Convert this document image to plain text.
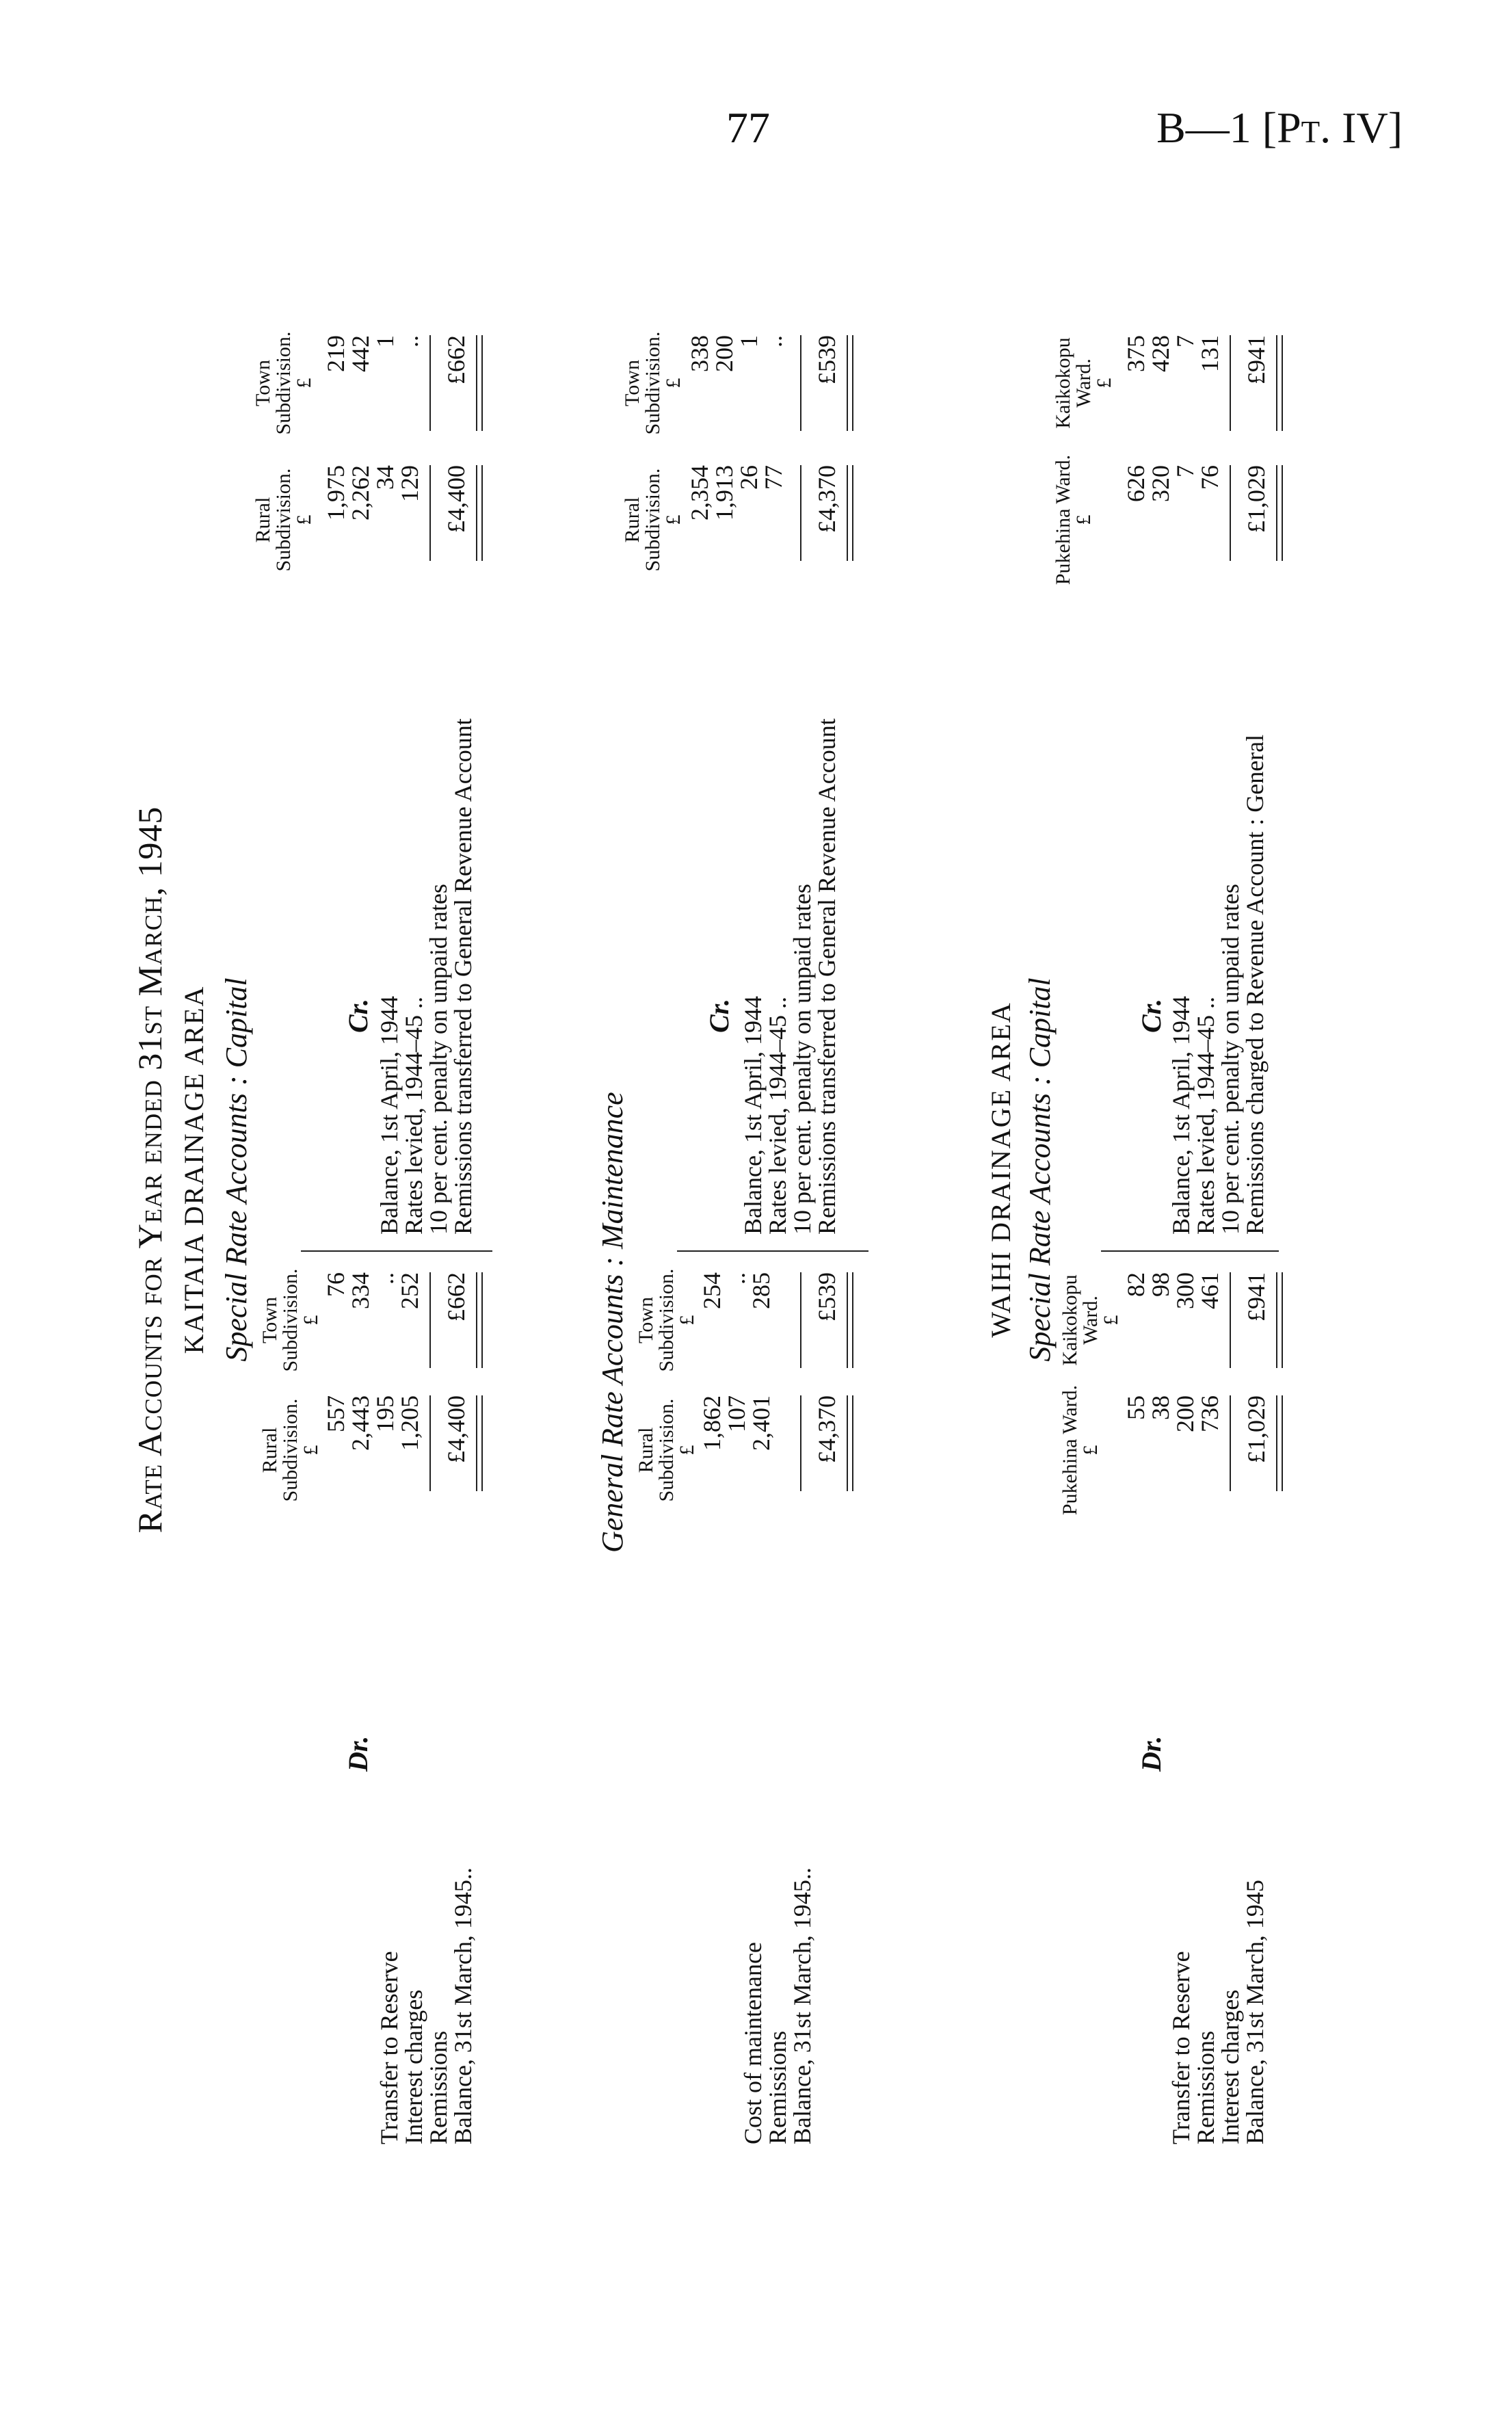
77	B—1 [Pt. IV]
Rate Accounts for Year ended 31st March, 1945 KAITAIA DRAINAGE AREA Special Rate Accounts : Capital
Dr.
Rural Subdivision.
£
Town Subdivision.
£
Transfer to Reserve
Interest charges
Remissions
Balance, 31st March, 1945..
557
2,443
195
1,205
76
334
..
252
£4,400
£662
Cr. Balance, 1st April, 1944
Rates levied, 1944–45 ..
10 per cent. penalty on unpaid rates
Remissions transferred to General Revenue Account
Rural Subdivision.
£
Town Subdivision.
£
1,975
2,262
34
129
219
442
1
..
£4,400
£662
General Rate Accounts : Maintenance Rural Subdivision.
£
Town Subdivision.
£
Cost of maintenance
Remissions
Balance, 31st March, 1945..
1,862
107
2,401
254
..
285
£4,370
£539
Cr. Balance, 1st April, 1944
Rates levied, 1944–45 ..
10 per cent. penalty on unpaid rates
Remissions transferred to General Revenue Account
Rural Subdivision.
£
Town Subdivision.
£
2,354
1,913
26
77
338
200
1
..
£4,370
£539
WAIHI DRAINAGE AREA Special Rate Accounts : Capital
Dr.
Pukehina Ward.
£
Kaikokopu Ward.
£
Transfer to Reserve
Remissions
Interest charges
Balance, 31st March, 1945
55
38
200
736
82
98
300
461
£1,029
£941
Cr. Balance, 1st April, 1944
Rates levied, 1944–45 ..
10 per cent. penalty on unpaid rates
Remissions charged to Revenue Account : General
Pukehina Ward.
£
Kaikokopu Ward.
£
626
320
7
76
375
428
7
131
£1,029
£941
